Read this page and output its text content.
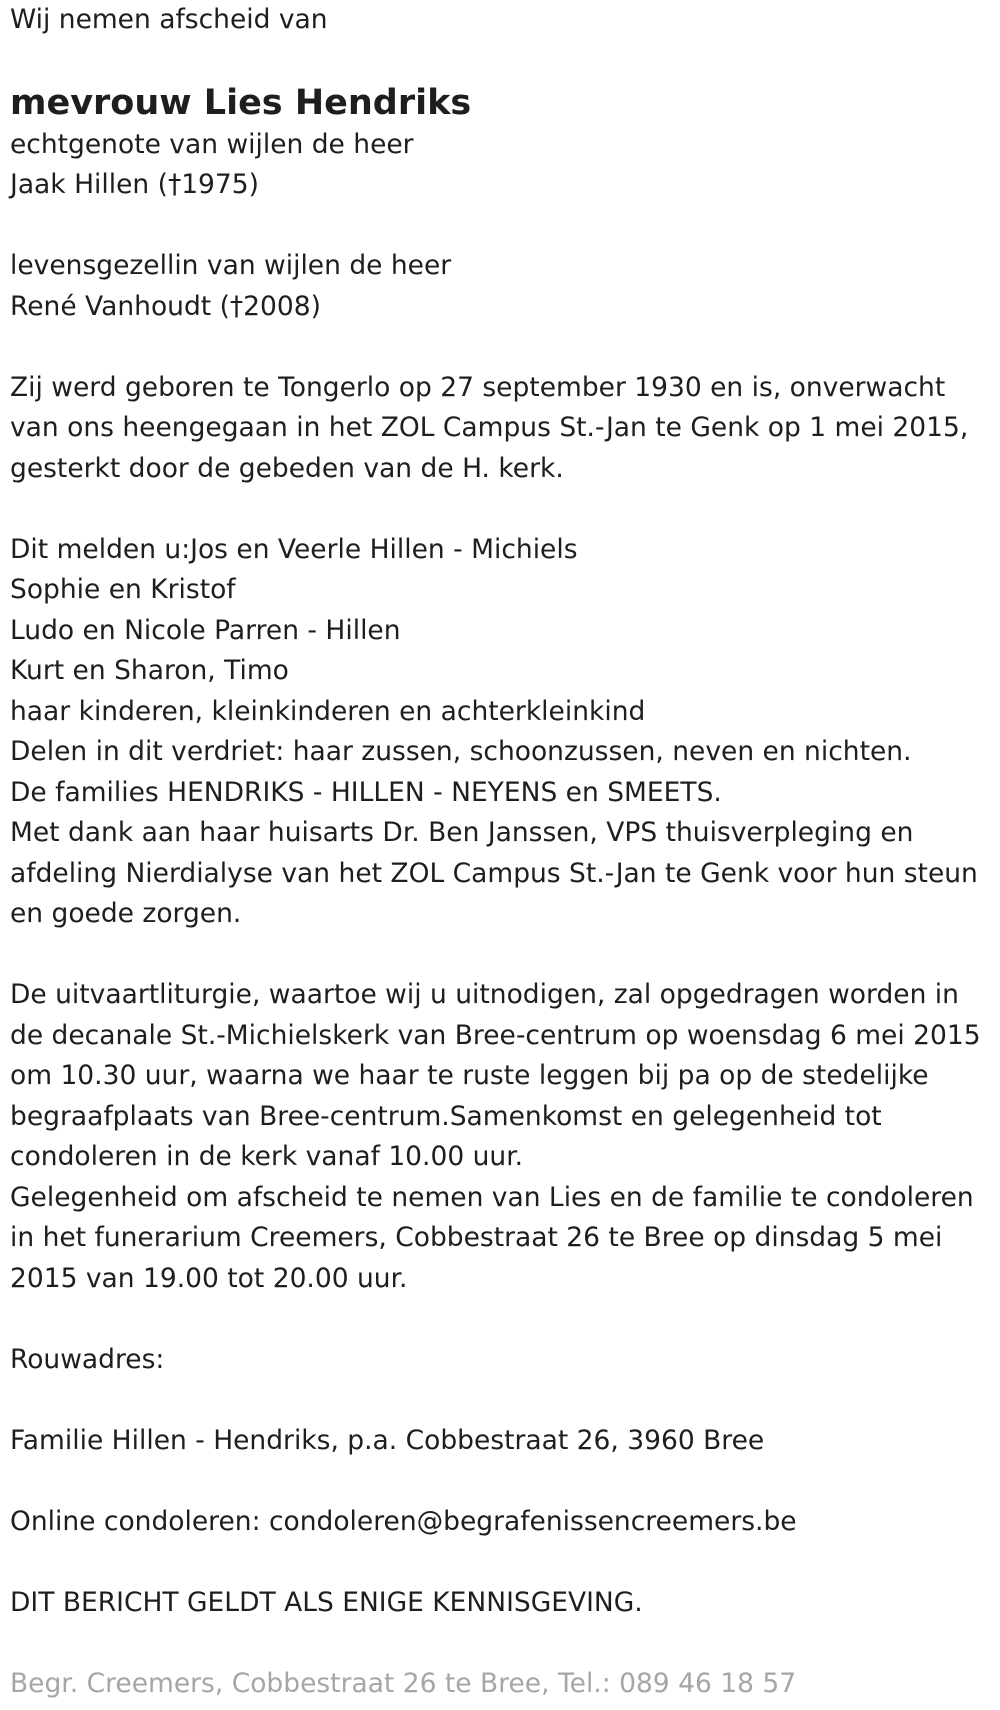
Wij nemen afscheid van

mevrouw Lies Hendriks

echtgenote van wijlen de heer

Jaak Hillen (†1975)

levensgezellin van wijlen de heer

René Vanhoudt (†2008)

Zij werd geboren te Tongerlo op 27 september 1930 en is, onverwacht

van ons heengegaan in het ZOL Campus St.-Jan te Genk op 1 mei 2015,

gesterkt door de gebeden van de H. kerk.

Dit melden u:Jos en Veerle Hillen - Michiels

Sophie en Kristof

Ludo en Nicole Parren - Hillen

Kurt en Sharon, Timo

haar kinderen, kleinkinderen en achterkleinkind

Delen in dit verdriet: haar zussen, schoonzussen, neven en nichten.

De families HENDRIKS - HILLEN - NEYENS en SMEETS.

Met dank aan haar huisarts Dr. Ben Janssen, VPS thuisverpleging en

afdeling Nierdialyse van het ZOL Campus St.-Jan te Genk voor hun steun

en goede zorgen.

De uitvaartliturgie, waartoe wij u uitnodigen, zal opgedragen worden in

de decanale St.-Michielskerk van Bree-centrum op woensdag 6 mei 2015

om 10.30 uur, waarna we haar te ruste leggen bij pa op de stedelijke

begraafplaats van Bree-centrum.Samenkomst en gelegenheid tot

condoleren in de kerk vanaf 10.00 uur.

Gelegenheid om afscheid te nemen van Lies en de familie te condoleren

in het funerarium Creemers, Cobbestraat 26 te Bree op dinsdag 5 mei

2015 van 19.00 tot 20.00 uur.

Rouwadres:

Familie Hillen - Hendriks, p.a. Cobbestraat 26, 3960 Bree

Online condoleren: condoleren@begrafenissencreemers.be

DIT BERICHT GELDT ALS ENIGE KENNISGEVING.

Begr. Creemers, Cobbestraat 26 te Bree, Tel.: 089 46 18 57
